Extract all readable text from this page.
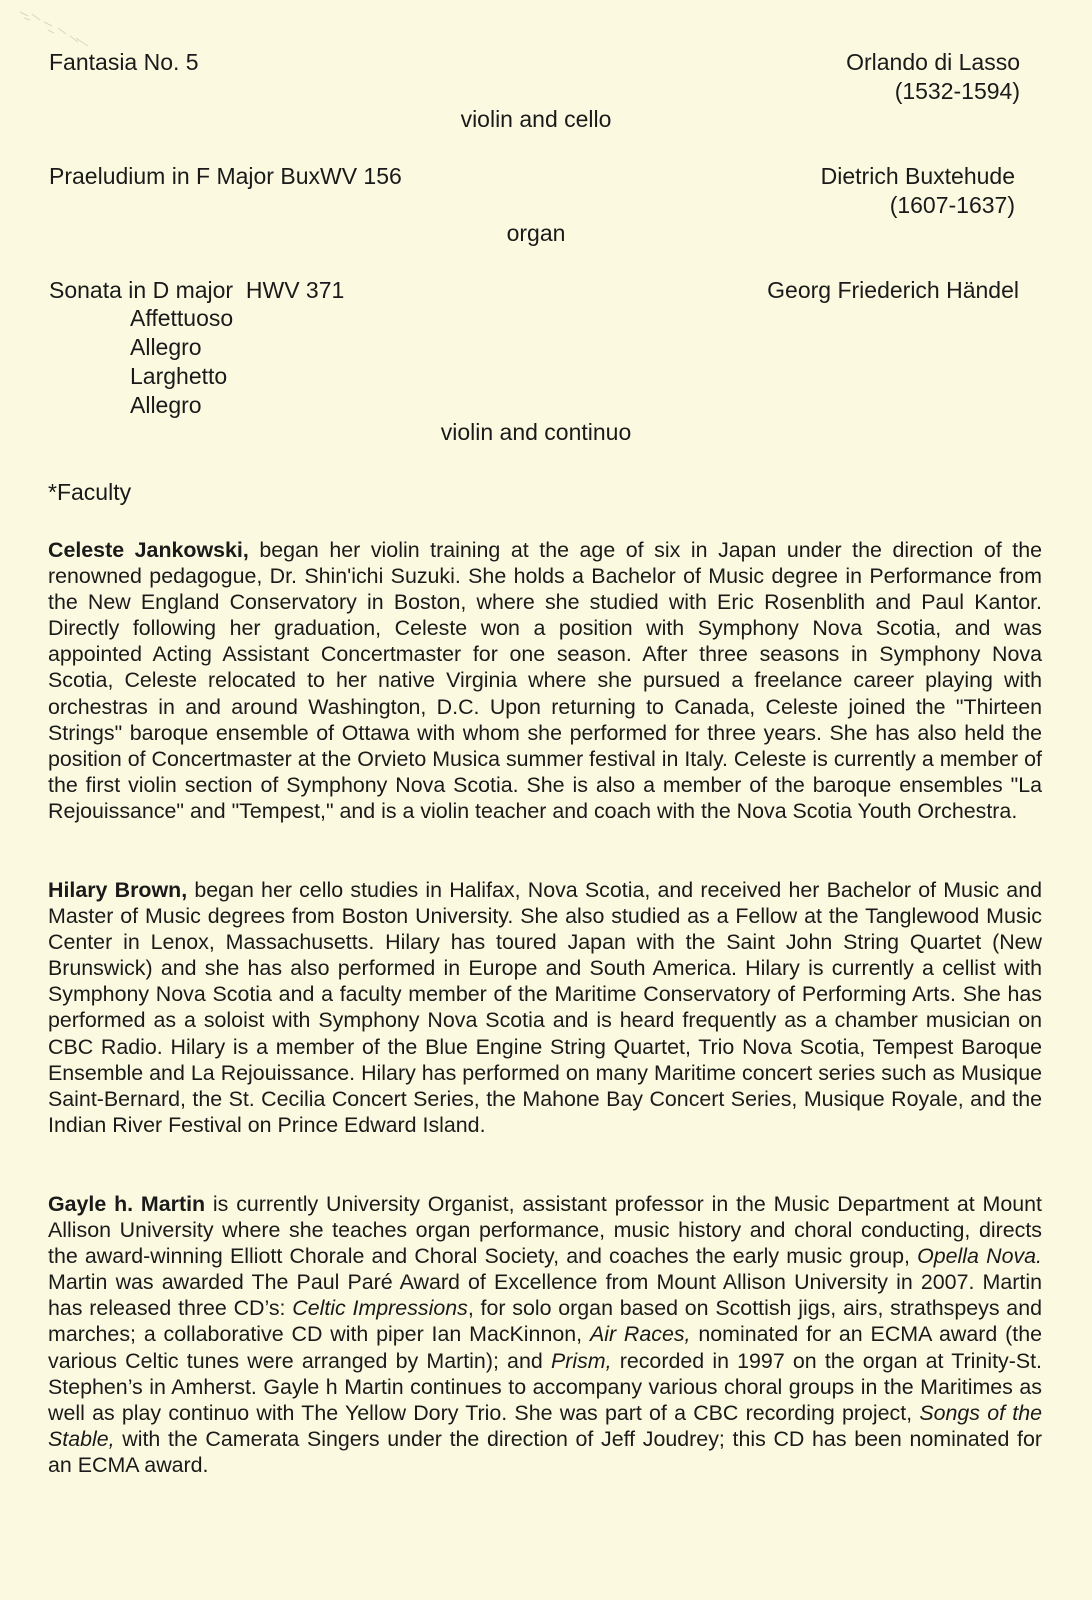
Fantasia No. 5	Orlando di Lasso
(1532-1594)

violin and cello

Praeludium in F Major BuxWV 156	Dietrich Buxtehude
(1607-1637)

organ

Sonata in D major  HWV 371	Georg Friederich Händel

Affettuoso
Allegro
Larghetto
Allegro

violin and continuo

*Faculty

Celeste Jankowski, began her violin training at the age of six in Japan under the direction of the renowned pedagogue, Dr. Shin'ichi Suzuki. She holds a Bachelor of Music degree in Performance from the New England Conservatory in Boston, where she studied with Eric Rosenblith and Paul Kantor. Directly following her graduation, Celeste won a position with Symphony Nova Scotia, and was appointed Acting Assistant Concertmaster for one season. After three seasons in Symphony Nova Scotia, Celeste relocated to her native Virginia where she pursued a freelance career playing with orchestras in and around Washington, D.C. Upon returning to Canada, Celeste joined the "Thirteen Strings" baroque ensemble of Ottawa with whom she performed for three years. She has also held the position of Concertmaster at the Orvieto Musica summer festival in Italy. Celeste is currently a member of the first violin section of Symphony Nova Scotia. She is also a member of the baroque ensembles "La Rejouissance" and "Tempest," and is a violin teacher and coach with the Nova Scotia Youth Orchestra.

Hilary Brown, began her cello studies in Halifax, Nova Scotia, and received her Bachelor of Music and Master of Music degrees from Boston University. She also studied as a Fellow at the Tanglewood Music Center in Lenox, Massachusetts. Hilary has toured Japan with the Saint John String Quartet (New Brunswick) and she has also performed in Europe and South America. Hilary is currently a cellist with Symphony Nova Scotia and a faculty member of the Maritime Conservatory of Performing Arts. She has performed as a soloist with Symphony Nova Scotia and is heard frequently as a chamber musician on CBC Radio. Hilary is a member of the Blue Engine String Quartet, Trio Nova Scotia, Tempest Baroque Ensemble and La Rejouissance. Hilary has performed on many Maritime concert series such as Musique Saint-Bernard, the St. Cecilia Concert Series, the Mahone Bay Concert Series, Musique Royale, and the Indian River Festival on Prince Edward Island.

Gayle h. Martin is currently University Organist, assistant professor in the Music Department at Mount Allison University where she teaches organ performance, music history and choral conducting, directs the award-winning Elliott Chorale and Choral Society, and coaches the early music group, Opella Nova. Martin was awarded The Paul Paré Award of Excellence from Mount Allison University in 2007. Martin has released three CD’s: Celtic Impressions, for solo organ based on Scottish jigs, airs, strathspeys and marches; a collaborative CD with piper Ian MacKinnon, Air Races, nominated for an ECMA award (the various Celtic tunes were arranged by Martin); and Prism, recorded in 1997 on the organ at Trinity-St. Stephen’s in Amherst. Gayle h Martin continues to accompany various choral groups in the Maritimes as well as play continuo with The Yellow Dory Trio. She was part of a CBC recording project, Songs of the Stable, with the Camerata Singers under the direction of Jeff Joudrey; this CD has been nominated for an ECMA award.
